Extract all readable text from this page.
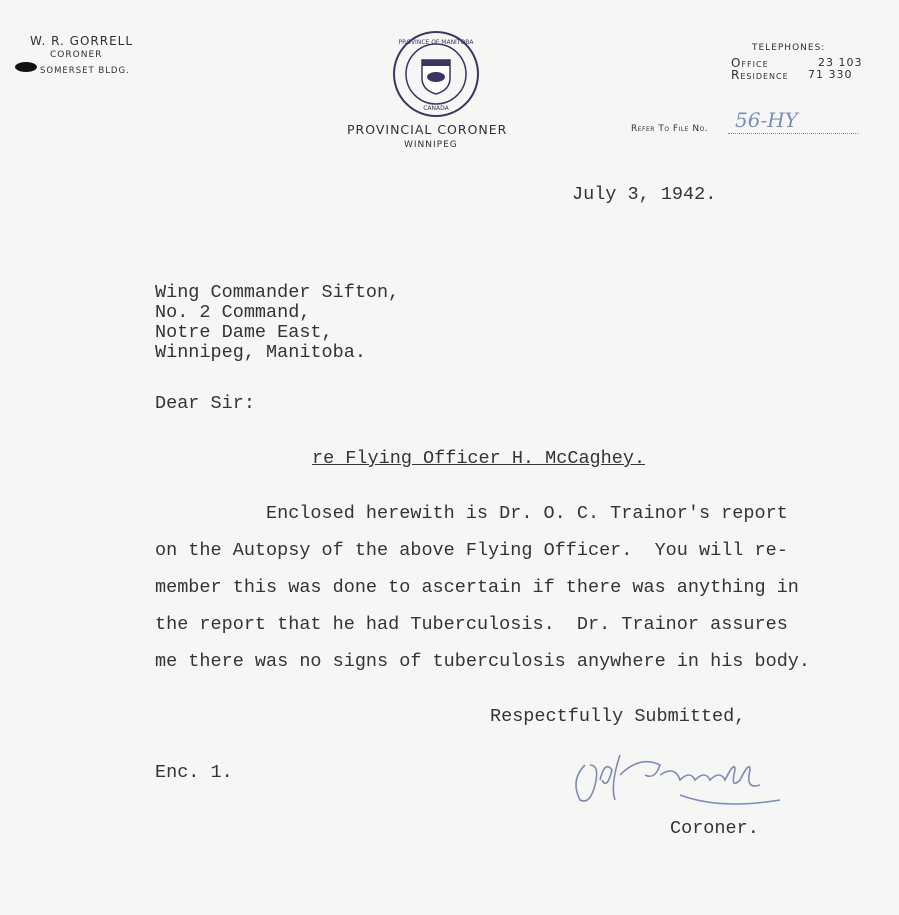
W. R. GORRELL
CORONER
SOMERSET BLDG.
PROVINCE OF MANITOBA
CANADA
PROVINCIAL CORONER
WINNIPEG
TELEPHONES:
Office	23 103
Residence 71 330
Refer To File No. 56-HY
July 3, 1942.
Wing Commander Sifton,
No. 2 Command,
Notre Dame East,
Winnipeg, Manitoba.
Dear Sir:
re Flying Officer H. McCaghey.
Enclosed herewith is Dr. O. C. Trainor's report
on the Autopsy of the above Flying Officer.  You will re-
member this was done to ascertain if there was anything in
the report that he had Tuberculosis.  Dr. Trainor assures
me there was no signs of tuberculosis anywhere in his body.
Respectfully Submitted,
Enc. 1.
Coroner.
